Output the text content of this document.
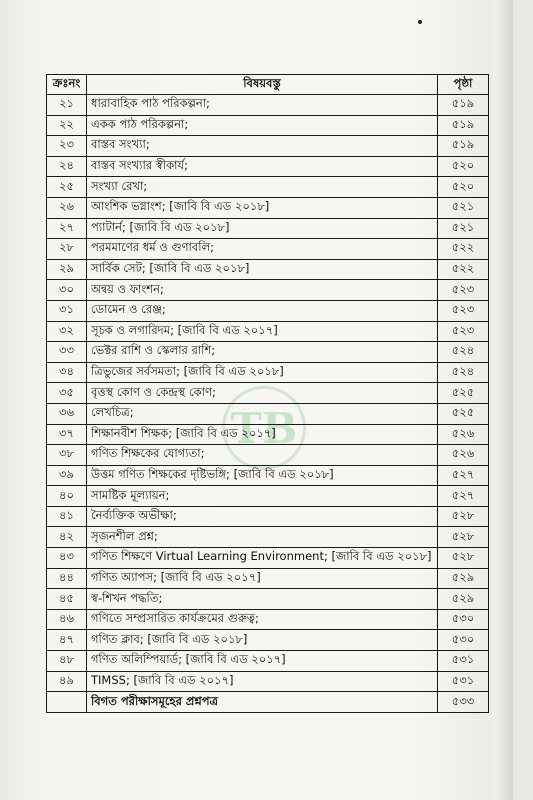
TB
ক্রঃনং	বিষয়বস্তু	পৃষ্ঠা
২১	ধারাবাহিক পাঠ পরিকল্পনা;	৫১৯
২২	একক পাঠ পরিকল্পনা;	৫১৯
২৩	বাস্তব সংখ্যা;	৫১৯
২৪	বাস্তব সংখ্যার স্বীকার্য;	৫২০
২৫	সংখ্যা রেখা;	৫২০
২৬	আংশিক ভগ্নাংশ; [জাবি বি এড ২০১৮]	৫২১
২৭	প্যাটার্ন; [জাবি বি এড ২০১৮]	৫২১
২৮	পরমমাণের ধর্ম ও গুণাবলি;	৫২২
২৯	সার্বিক সেট; [জাবি বি এড ২০১৮]	৫২২
৩০	অন্বয় ও ফাংশন;	৫২৩
৩১	ডোমেন ও রেঞ্জ;	৫২৩
৩২	সূচক ও লগারিদম; [জাবি বি এড ২০১৭]	৫২৩
৩৩	ভেক্টর রাশি ও স্কেলার রাশি;	৫২৪
৩৪	ত্রিভুজের সর্বসমতা; [জাবি বি এড ২০১৮]	৫২৪
৩৫	বৃত্তস্থ কোণ ও কেন্দ্রস্থ কোণ;	৫২৫
৩৬	লেখচিত্র;	৫২৫
৩৭	শিক্ষানবীশ শিক্ষক; [জাবি বি এড ২০১৭]	৫২৬
৩৮	গণিত শিক্ষকের যোগ্যতা;	৫২৬
৩৯	উত্তম গণিত শিক্ষকের দৃষ্টিভঙ্গি; [জাবি বি এড ২০১৮]	৫২৭
৪০	সামষ্টিক মূল্যায়ন;	৫২৭
৪১	নৈর্ব্যক্তিক অভীক্ষা;	৫২৮
৪২	সৃজনশীল প্রশ্ন;	৫২৮
৪৩	গণিত শিক্ষণে Virtual Learning Environment; [জাবি বি এড ২০১৮]	৫২৮
৪৪	গণিত অ্যাপস; [জাবি বি এড ২০১৭]	৫২৯
৪৫	স্ব-শিখন পদ্ধতি;	৫২৯
৪৬	গণিতে সম্প্রসারিত কার্যক্রমের গুরুত্ব;	৫৩০
৪৭	গণিত ক্লাব; [জাবি বি এড ২০১৮]	৫৩০
৪৮	গণিত অলিম্পিয়ার্ড; [জাবি বি এড ২০১৭]	৫৩১
৪৯	TIMSS; [জাবি বি এড ২০১৭]	৫৩১
	বিগত পরীক্ষাসমূহের প্রশ্নপত্র	৫৩৩
